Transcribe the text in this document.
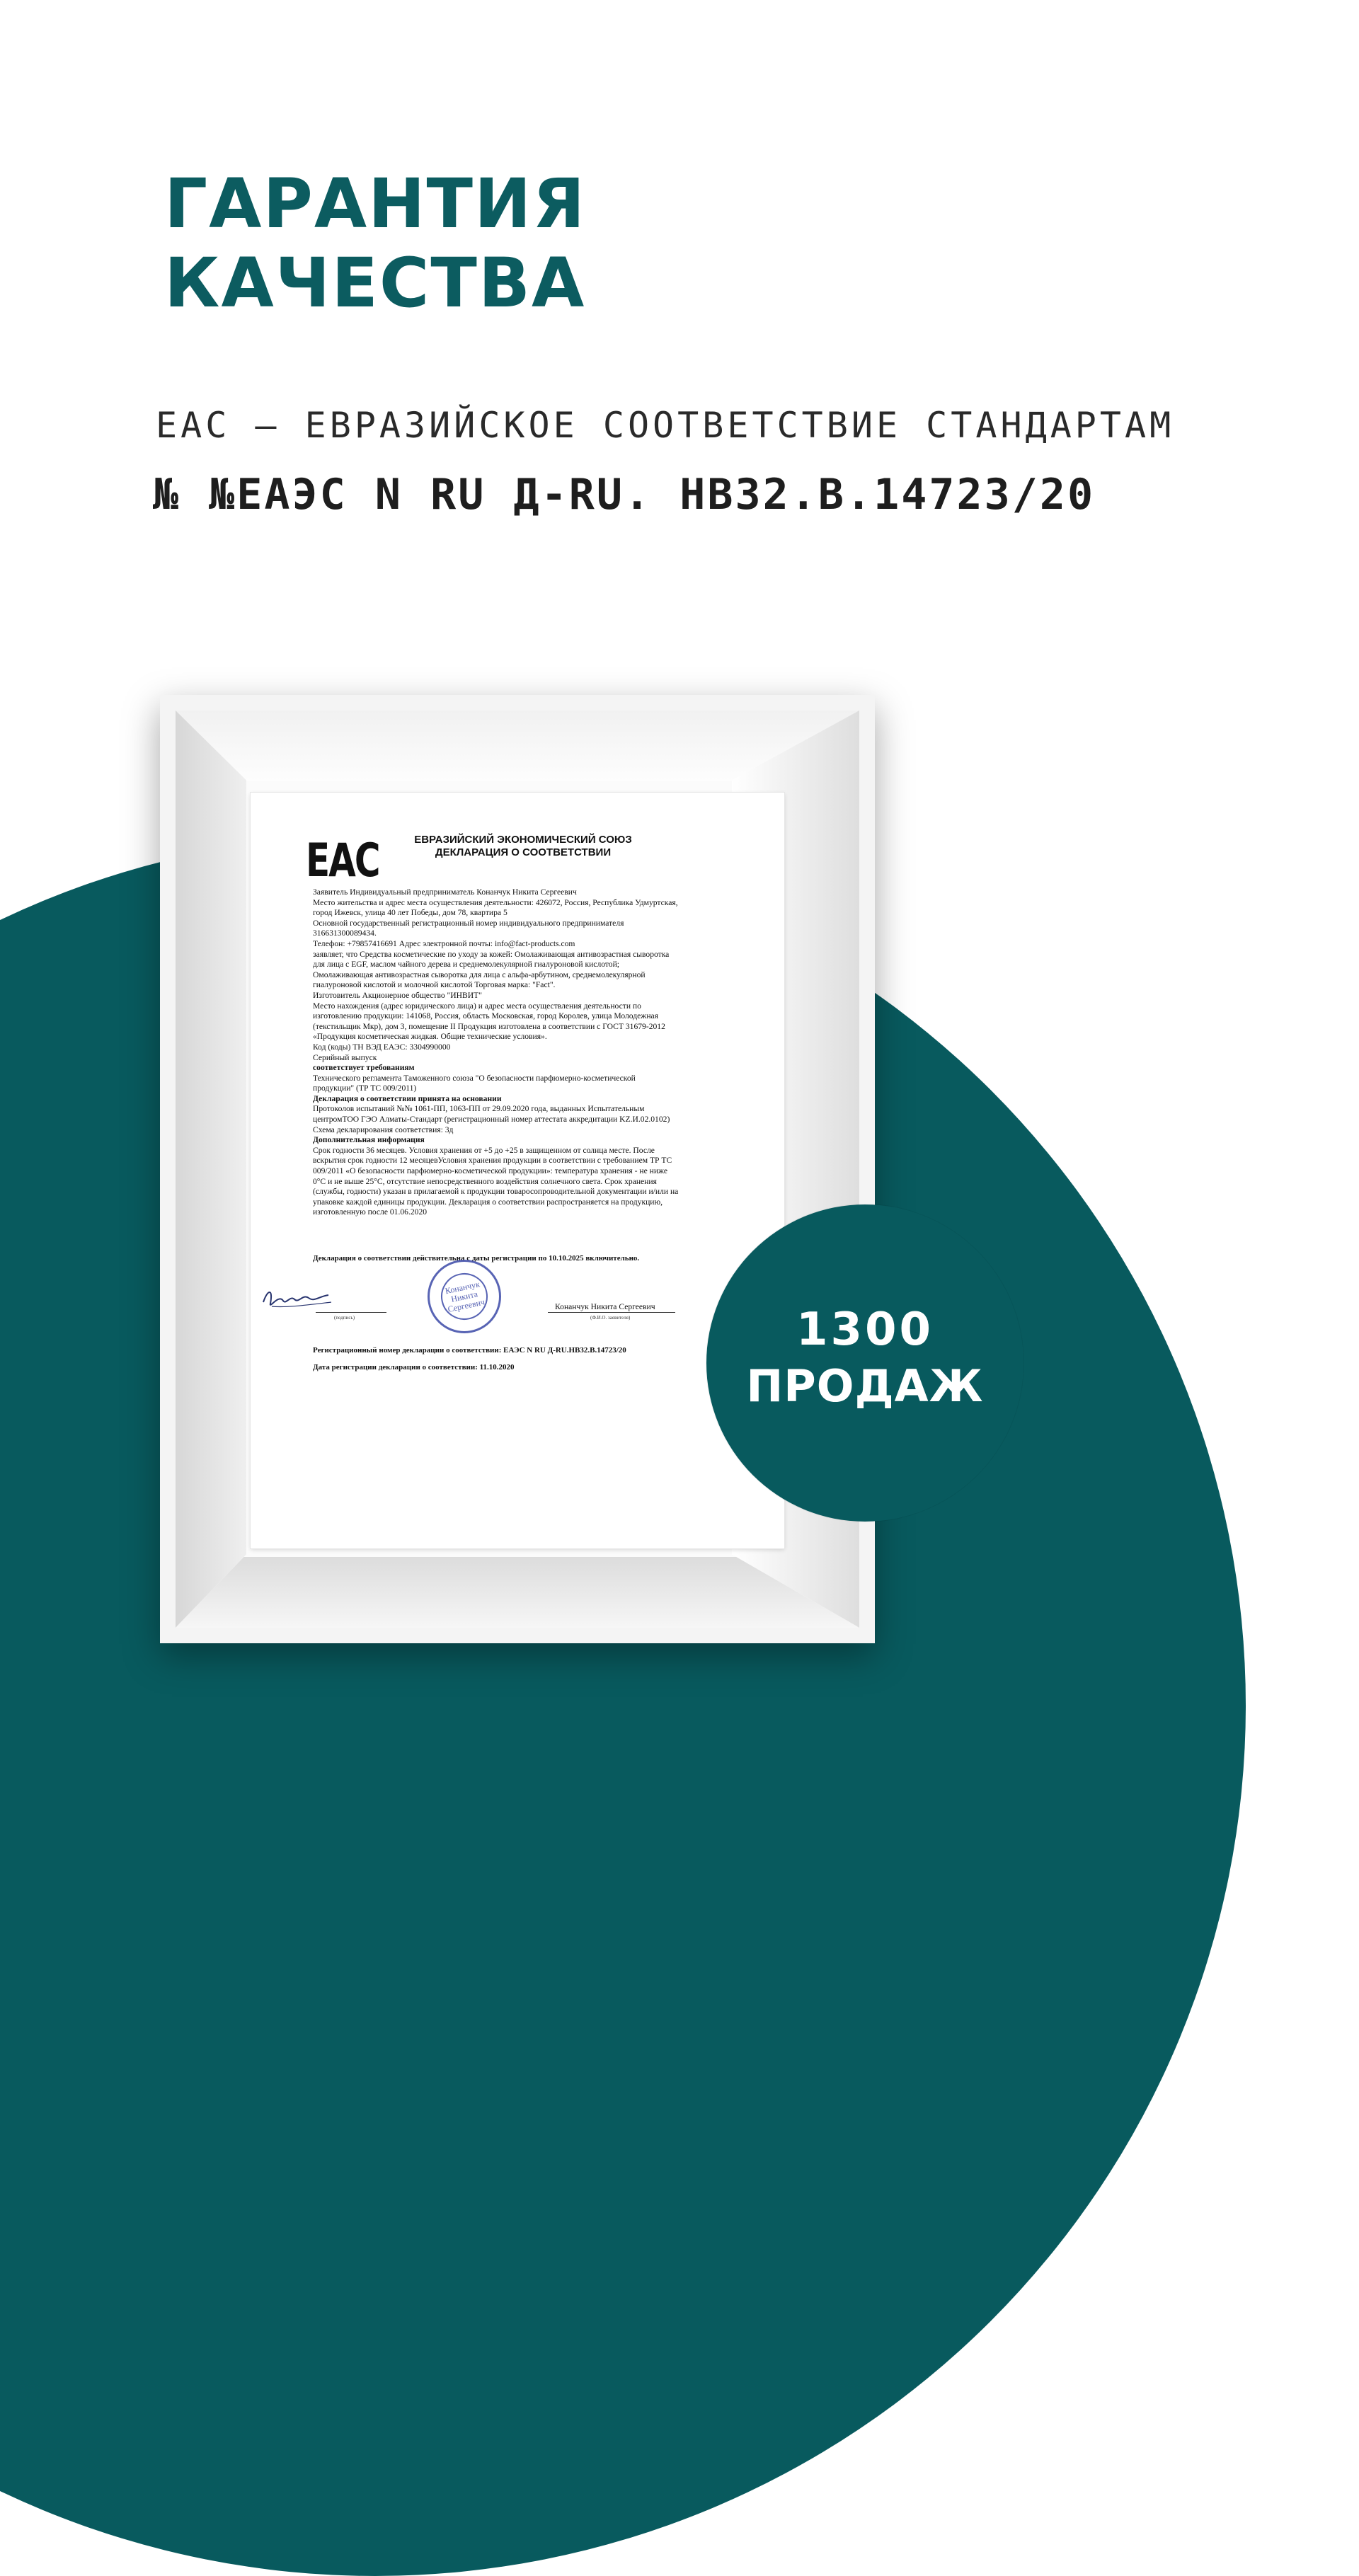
ГАРАНТИЯ
КАЧЕСТВА
EAC – ЕВРАЗИЙСКОЕ СООТВЕТСТВИЕ СТАНДАРТАМ
№ №ЕАЭС N RU Д-RU. НВ32.В.14723/20
ЕАС	ЕВРАЗИЙСКИЙ ЭКОНОМИЧЕСКИЙ СОЮЗ
ДЕКЛАРАЦИЯ О СООТВЕТСТВИИ

Заявитель Индивидуальный предприниматель Конанчук Никита Сергеевич

Место жительства и адрес места осуществления деятельности: 426072, Россия, Республика Удмуртская,

город Ижевск, улица 40 лет Победы, дом 78, квартира 5

Основной государственный регистрационный номер индивидуального предпринимателя

316631300089434.

Телефон: +79857416691 Адрес электронной почты: info@fact-products.com

заявляет, что Средства косметические по уходу за кожей: Омолаживающая антивозрастная сыворотка

для лица с EGF, маслом чайного дерева и среднемолекулярной гиалуроновой кислотой;

Омолаживающая антивозрастная сыворотка для лица с альфа-арбутином, среднемолекулярной

гиалуроновой кислотой и молочной кислотой Торговая марка: "Fact".

Изготовитель Акционерное общество "ИНВИТ"

Место нахождения (адрес юридического лица) и адрес места осуществления деятельности по

изготовлению продукции: 141068, Россия, область Московская, город Королев, улица Молодежная

(текстильщик Мкр), дом 3, помещение II Продукция изготовлена в соответствии с ГОСТ 31679-2012

«Продукция косметическая жидкая. Общие технические условия».

Код (коды) ТН ВЭД ЕАЭС: 3304990000

Серийный выпуск

соответствует требованиям

Технического регламента Таможенного союза "О безопасности парфюмерно-косметической

продукции" (ТР ТС 009/2011)

Декларация о соответствии принята на основании

Протоколов испытаний №№ 1061-ПП, 1063-ПП от 29.09.2020 года, выданных Испытательным

центромТОО ГЭО Алматы-Стандарт (регистрационный номер аттестата аккредитации KZ.И.02.0102)

Схема декларирования соответствия: 3д

Дополнительная информация

Срок годности 36 месяцев. Условия хранения от +5 до +25 в защищенном от солнца месте. После

вскрытия срок годности 12 месяцевУсловия хранения продукции в соответствии с требованием ТР ТС

009/2011 «О безопасности парфюмерно-косметической продукции»: температура хранения - не ниже

0°С и не выше 25°С, отсутствие непосредственного воздействия солнечного света. Срок хранения

(службы, годности) указан в прилагаемой к продукции товаросопроводительной документации и/или на

упаковке каждой единицы продукции. Декларация о соответствии распространяется на продукцию,

изготовленную после 01.06.2020

Декларация о соответствии действительна с даты регистрации по 10.10.2025 включительно.
(подпись)
Конанчук Никита Сергеевич	Конанчук Никита Сергеевич
(Ф.И.О. заявителя)
Регистрационный номер декларации о соответствии: ЕАЭС N RU Д-RU.НВ32.В.14723/20
Дата регистрации декларации о соответствии: 11.10.2020
1300
ПРОДАЖ
